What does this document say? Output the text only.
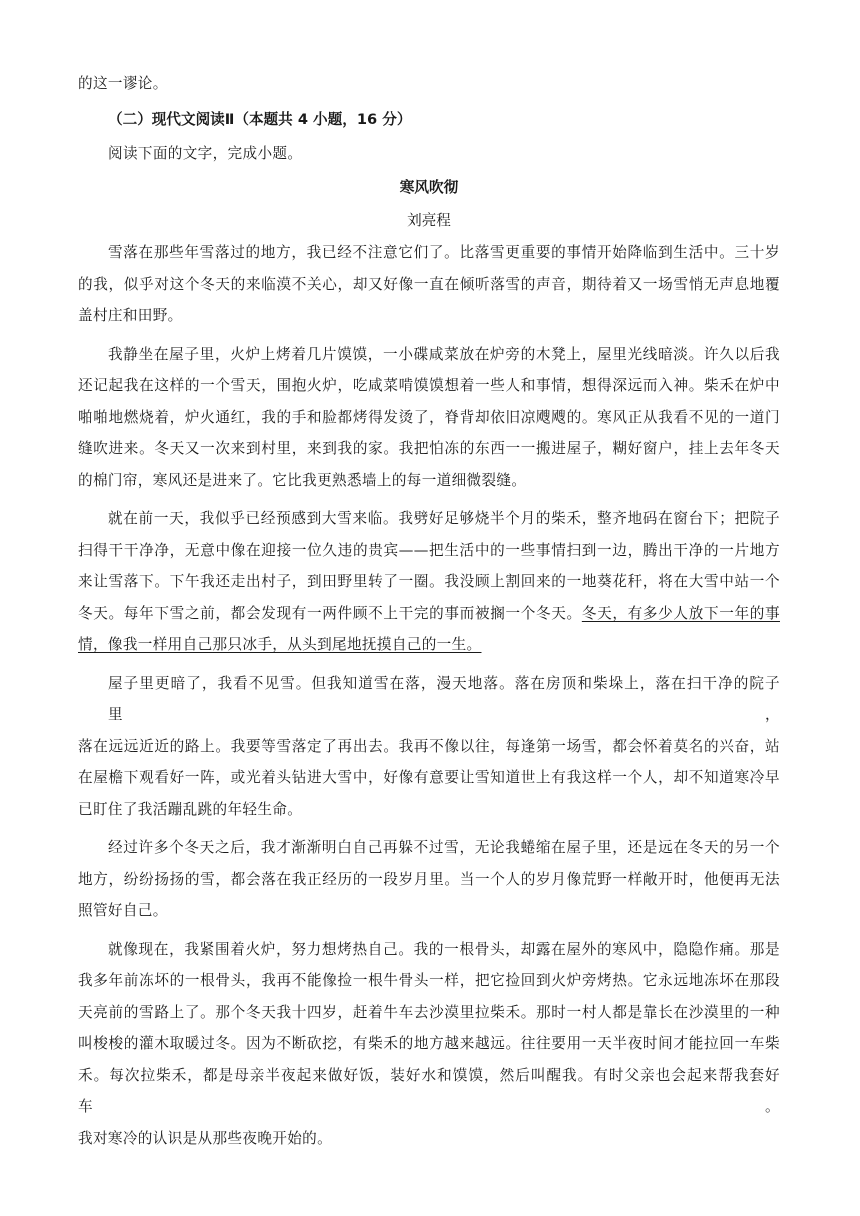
的这一谬论。
（二）现代文阅读Ⅱ（本题共 4 小题，16 分）
阅读下面的文字，完成小题。
寒风吹彻
刘亮程
雪落在那些年雪落过的地方，我已经不注意它们了。比落雪更重要的事情开始降临到生活中。三十岁
的我，似乎对这个冬天的来临漠不关心，却又好像一直在倾听落雪的声音，期待着又一场雪悄无声息地覆
盖村庄和田野。
我静坐在屋子里，火炉上烤着几片馍馍，一小碟咸菜放在炉旁的木凳上，屋里光线暗淡。许久以后我
还记起我在这样的一个雪天，围抱火炉，吃咸菜啃馍馍想着一些人和事情，想得深远而入神。柴禾在炉中
啪啪地燃烧着，炉火通红，我的手和脸都烤得发烫了，脊背却依旧凉飕飕的。寒风正从我看不见的一道门
缝吹进来。冬天又一次来到村里，来到我的家。我把怕冻的东西一一搬进屋子，糊好窗户，挂上去年冬天
的棉门帘，寒风还是进来了。它比我更熟悉墙上的每一道细微裂缝。
就在前一天，我似乎已经预感到大雪来临。我劈好足够烧半个月的柴禾，整齐地码在窗台下；把院子
扫得干干净净，无意中像在迎接一位久违的贵宾——把生活中的一些事情扫到一边，腾出干净的一片地方
来让雪落下。下午我还走出村子，到田野里转了一圈。我没顾上割回来的一地葵花秆，将在大雪中站一个
冬天。每年下雪之前，都会发现有一两件顾不上干完的事而被搁一个冬天。冬天，有多少人放下一年的事
情，像我一样用自己那只冰手，从头到尾地抚摸自己的一生。
屋子里更暗了，我看不见雪。但我知道雪在落，漫天地落。落在房顶和柴垛上，落在扫干净的院子里，
落在远远近近的路上。我要等雪落定了再出去。我再不像以往，每逢第一场雪，都会怀着莫名的兴奋，站
在屋檐下观看好一阵，或光着头钻进大雪中，好像有意要让雪知道世上有我这样一个人，却不知道寒冷早
已盯住了我活蹦乱跳的年轻生命。
经过许多个冬天之后，我才渐渐明白自己再躲不过雪，无论我蜷缩在屋子里，还是远在冬天的另一个
地方，纷纷扬扬的雪，都会落在我正经历的一段岁月里。当一个人的岁月像荒野一样敞开时，他便再无法
照管好自己。
就像现在，我紧围着火炉，努力想烤热自己。我的一根骨头，却露在屋外的寒风中，隐隐作痛。那是
我多年前冻坏的一根骨头，我再不能像捡一根牛骨头一样，把它捡回到火炉旁烤热。它永远地冻坏在那段
天亮前的雪路上了。那个冬天我十四岁，赶着牛车去沙漠里拉柴禾。那时一村人都是靠长在沙漠里的一种
叫梭梭的灌木取暖过冬。因为不断砍挖，有柴禾的地方越来越远。往往要用一天半夜时间才能拉回一车柴
禾。每次拉柴禾，都是母亲半夜起来做好饭，装好水和馍馍，然后叫醒我。有时父亲也会起来帮我套好车。
我对寒冷的认识是从那些夜晚开始的。
